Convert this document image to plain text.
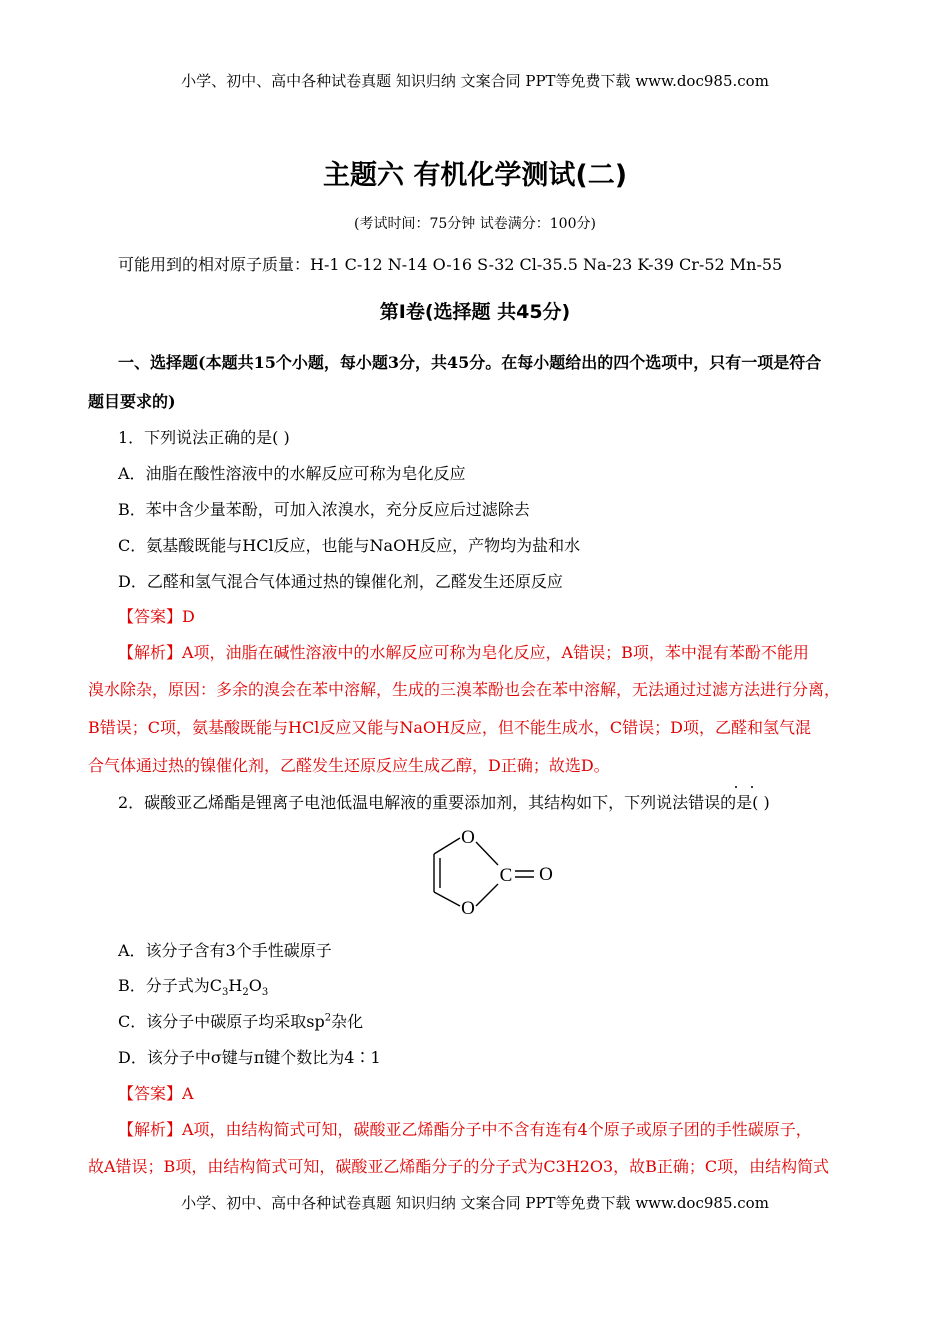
小学、初中、高中各种试卷真题 知识归纳 文案合同 PPT等免费下载 www.doc985.com
主题六 有机化学测试(二)
(考试时间：75分钟 试卷满分：100分)
可能用到的相对原子质量：H-1 C-12 N-14 O-16 S-32 Cl-35.5 Na-23 K-39 Cr-52 Mn-55
第Ⅰ卷(选择题 共45分)
一、选择题(本题共15个小题，每小题3分，共45分。在每小题给出的四个选项中，只有一项是符合
题目要求的)
1．下列说法正确的是( )
A．油脂在酸性溶液中的水解反应可称为皂化反应
B．苯中含少量苯酚，可加入浓溴水，充分反应后过滤除去
C．氨基酸既能与HCl反应，也能与NaOH反应，产物均为盐和水
D．乙醛和氢气混合气体通过热的镍催化剂，乙醛发生还原反应
【答案】D
【解析】A项，油脂在碱性溶液中的水解反应可称为皂化反应，A错误；B项，苯中混有苯酚不能用
溴水除杂，原因：多余的溴会在苯中溶解，生成的三溴苯酚也会在苯中溶解，无法通过过滤方法进行分离，
B错误；C项，氨基酸既能与HCl反应又能与NaOH反应，但不能生成水，C错误；D项，乙醛和氢气混
合气体通过热的镍催化剂，乙醛发生还原反应生成乙醇，D正确；故选D。
2．碳酸亚乙烯酯是锂离子电池低温电解液的重要添加剂，其结构如下，下列说法错误的是( )
O
O
C O
A．该分子含有3个手性碳原子
B．分子式为$C_3H_2O_3$
C．该分子中碳原子均采取$sp^2$杂化
D．该分子中σ键与π键个数比为4∶1
【答案】A
【解析】A项，由结构简式可知，碳酸亚乙烯酯分子中不含有连有4个原子或原子团的手性碳原子，
故A错误；B项，由结构简式可知，碳酸亚乙烯酯分子的分子式为C3H2O3，故B正确；C项，由结构简式
小学、初中、高中各种试卷真题 知识归纳 文案合同 PPT等免费下载 www.doc985.com
